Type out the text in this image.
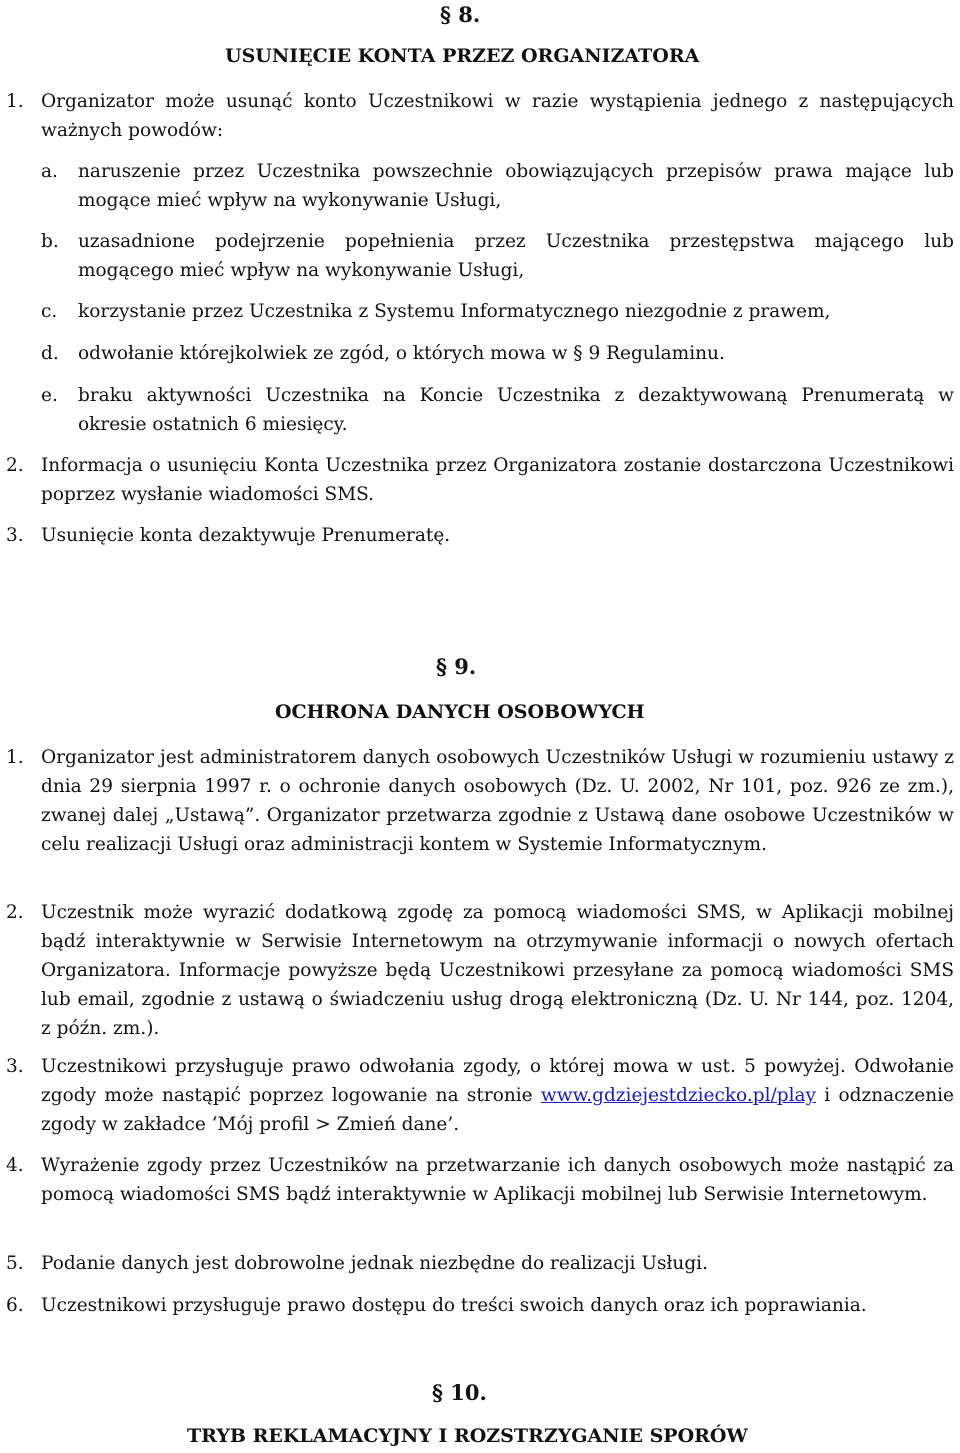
§ 8.
USUNIĘCIE KONTA PRZEZ ORGANIZATORA
1. Organizator może usunąć konto Uczestnikowi w razie wystąpienia jednego z następujących ważnych powodów:
a. naruszenie przez Uczestnika powszechnie obowiązujących przepisów prawa mające lub mogące mieć wpływ na wykonywanie Usługi,
b. uzasadnione podejrzenie popełnienia przez Uczestnika przestępstwa mającego lub mogącego mieć wpływ na wykonywanie Usługi,
c. korzystanie przez Uczestnika z Systemu Informatycznego niezgodnie z prawem,
d. odwołanie którejkolwiek ze zgód, o których mowa w § 9 Regulaminu.
e. braku aktywności Uczestnika na Koncie Uczestnika z dezaktywowaną Prenumeratą w okresie ostatnich 6 miesięcy.
2. Informacja o usunięciu Konta Uczestnika przez Organizatora zostanie dostarczona Uczestnikowi poprzez wysłanie wiadomości SMS.
3. Usunięcie konta dezaktywuje Prenumeratę.
§ 9.
OCHRONA DANYCH OSOBOWYCH
1. Organizator jest administratorem danych osobowych Uczestników Usługi w rozumieniu ustawy z dnia 29 sierpnia 1997 r. o ochronie danych osobowych (Dz. U. 2002, Nr 101, poz. 926 ze zm.), zwanej dalej „Ustawą”. Organizator przetwarza zgodnie z Ustawą dane osobowe Uczestników w celu realizacji Usługi oraz administracji kontem w Systemie Informatycznym.
2. Uczestnik może wyrazić dodatkową zgodę za pomocą wiadomości SMS, w Aplikacji mobilnej bądź interaktywnie w Serwisie Internetowym na otrzymywanie informacji o nowych ofertach Organizatora. Informacje powyższe będą Uczestnikowi przesyłane za pomocą wiadomości SMS lub email, zgodnie z ustawą o świadczeniu usług drogą elektroniczną (Dz. U. Nr 144, poz. 1204, z późn. zm.).
3. Uczestnikowi przysługuje prawo odwołania zgody, o której mowa w ust. 5 powyżej. Odwołanie zgody może nastąpić poprzez logowanie na stronie www.gdziejestdziecko.pl/play i odznaczenie zgody w zakładce ‘Mój profil > Zmień dane’.
4. Wyrażenie zgody przez Uczestników na przetwarzanie ich danych osobowych może nastąpić za pomocą wiadomości SMS bądź interaktywnie w Aplikacji mobilnej lub Serwisie Internetowym.
5. Podanie danych jest dobrowolne jednak niezbędne do realizacji Usługi.
6. Uczestnikowi przysługuje prawo dostępu do treści swoich danych oraz ich poprawiania.
§ 10.
TRYB REKLAMACYJNY I ROZSTRZYGANIE SPORÓW
